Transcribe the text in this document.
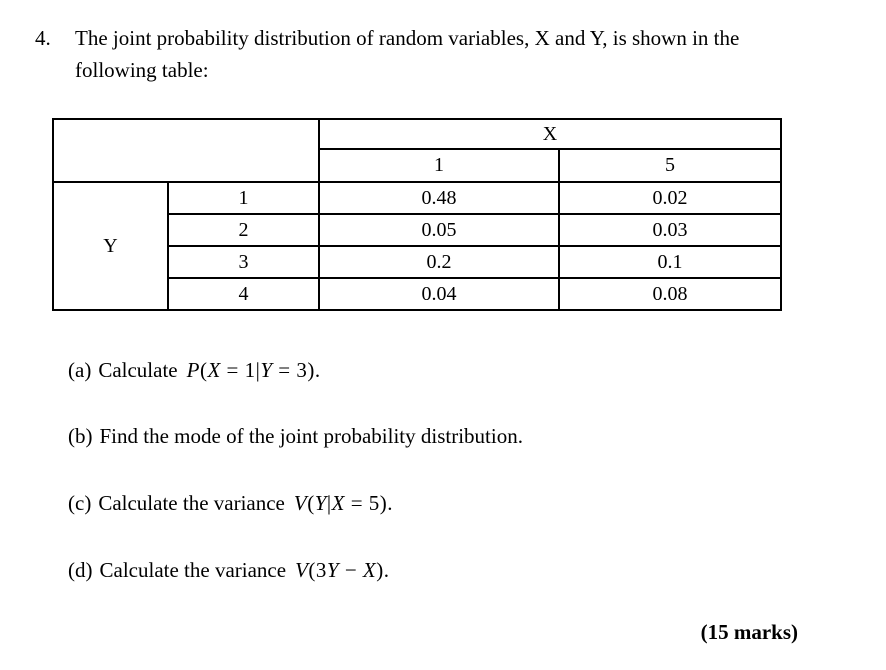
4. The joint probability distribution of random variables, X and Y, is shown in the
following table:
		X	
		1	5
Y	1	0.48	0.02
	2	0.05	0.03
	3	0.2	0.1
	4	0.04	0.08
(a) Calculate P(X = 1|Y = 3).
(b) Find the mode of the joint probability distribution.
(c) Calculate the variance V(Y|X = 5).
(d) Calculate the variance V(3Y − X).
(15 marks)
